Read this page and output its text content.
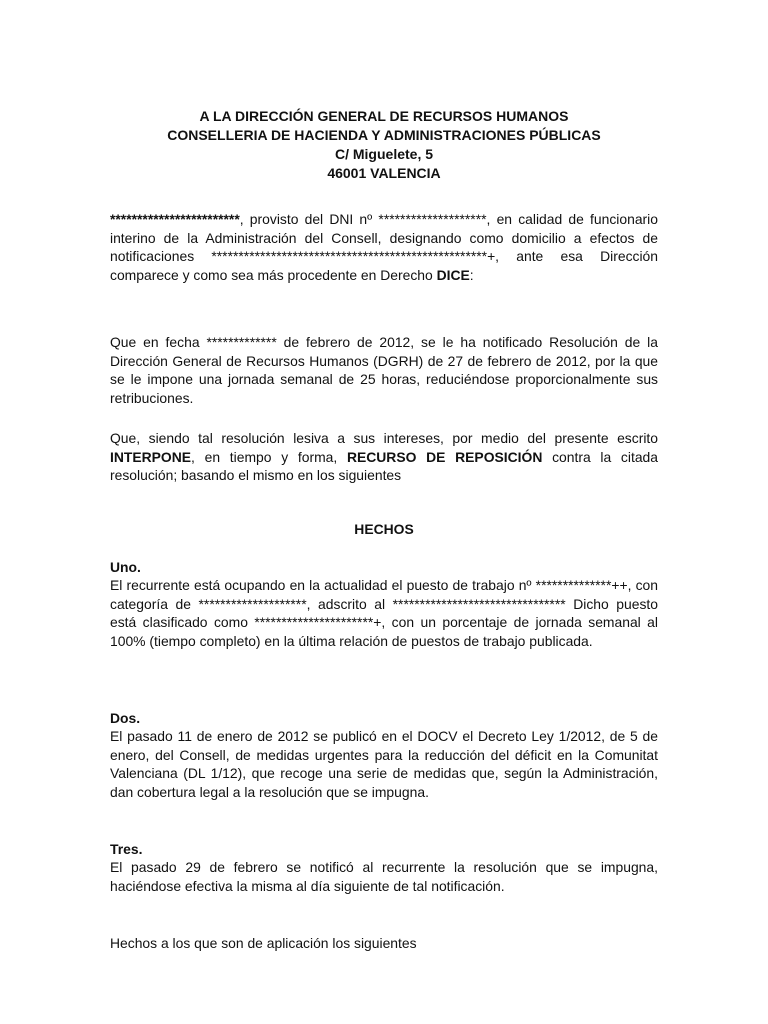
A LA DIRECCIÓN GENERAL DE RECURSOS HUMANOS
CONSELLERIA DE HACIENDA Y ADMINISTRACIONES PÚBLICAS
C/ Miguelete, 5
46001 VALENCIA

************************, provisto del DNI nº ********************, en calidad de funcionario interino de la Administración del Consell, designando como domicilio a efectos de notificaciones ***************************************************+, ante esa Dirección comparece y como sea más procedente en Derecho DICE:

Que en fecha ************* de febrero de 2012, se le ha notificado Resolución de la Dirección General de Recursos Humanos (DGRH) de 27 de febrero de 2012, por la que se le impone una jornada semanal de 25 horas, reduciéndose proporcionalmente sus retribuciones.

Que, siendo tal resolución lesiva a sus intereses, por medio del presente escrito INTERPONE, en tiempo y forma, RECURSO DE REPOSICIÓN contra la citada resolución; basando el mismo en los siguientes

HECHOS

Uno.

El recurrente está ocupando en la actualidad el puesto de trabajo nº **************++, con categoría de ********************, adscrito al ******************************** Dicho puesto está clasificado como **********************+, con un porcentaje de jornada semanal al 100% (tiempo completo) en la última relación de puestos de trabajo publicada.

Dos.

El pasado 11 de enero de 2012 se publicó en el DOCV el Decreto Ley 1/2012, de 5 de enero, del Consell, de medidas urgentes para la reducción del déficit en la Comunitat Valenciana (DL 1/12), que recoge una serie de medidas que, según la Administración, dan cobertura legal a la resolución que se impugna.

Tres.

El pasado 29 de febrero se notificó al recurrente la resolución que se impugna, haciéndose efectiva la misma al día siguiente de tal notificación.

Hechos a los que son de aplicación los siguientes
